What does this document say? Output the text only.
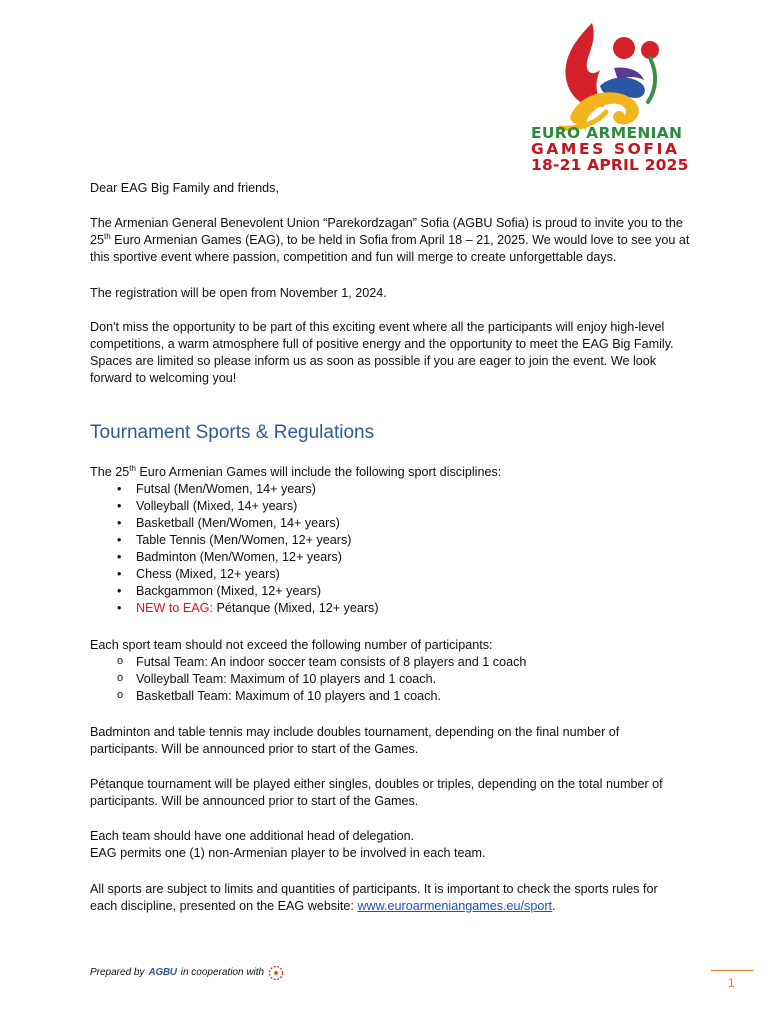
EURO ARMENIAN
GAMES SOFIA
18-21 APRIL 2025

Dear EAG Big Family and friends,

The Armenian General Benevolent Union “Parekordzagan” Sofia (AGBU Sofia) is proud to invite you to the

25th Euro Armenian Games (EAG), to be held in Sofia from April 18 – 21, 2025. We would love to see you at

this sportive event where passion, competition and fun will merge to create unforgettable days.

The registration will be open from November 1, 2024.

Don't miss the opportunity to be part of this exciting event where all the participants will enjoy high-level

competitions, a warm atmosphere full of positive energy and the opportunity to meet the EAG Big Family.

Spaces are limited so please inform us as soon as possible if you are eager to join the event. We look

forward to welcoming you!

Tournament Sports & Regulations

The 25th Euro Armenian Games will include the following sport disciplines:

• Futsal (Men/Women, 14+ years)
• Volleyball (Mixed, 14+ years)
• Basketball (Men/Women, 14+ years)
• Table Tennis (Men/Women, 12+ years)
• Badminton (Men/Women, 12+ years)
• Chess (Mixed, 12+ years)
• Backgammon (Mixed, 12+ years)
• NEW to EAG: Pétanque (Mixed, 12+ years)

Each sport team should not exceed the following number of participants:

o Futsal Team: An indoor soccer team consists of 8 players and 1 coach
o Volleyball Team: Maximum of 10 players and 1 coach.
o Basketball Team: Maximum of 10 players and 1 coach.

Badminton and table tennis may include doubles tournament, depending on the final number of

participants. Will be announced prior to start of the Games.

Pétanque tournament will be played either singles, doubles or triples, depending on the total number of

participants. Will be announced prior to start of the Games.

Each team should have one additional head of delegation.

EAG permits one (1) non-Armenian player to be involved in each team.

All sports are subject to limits and quantities of participants. It is important to check the sports rules for

each discipline, presented on the EAG website: www.euroarmeniangames.eu/sport.

Prepared by AGBU in cooperation with
1
